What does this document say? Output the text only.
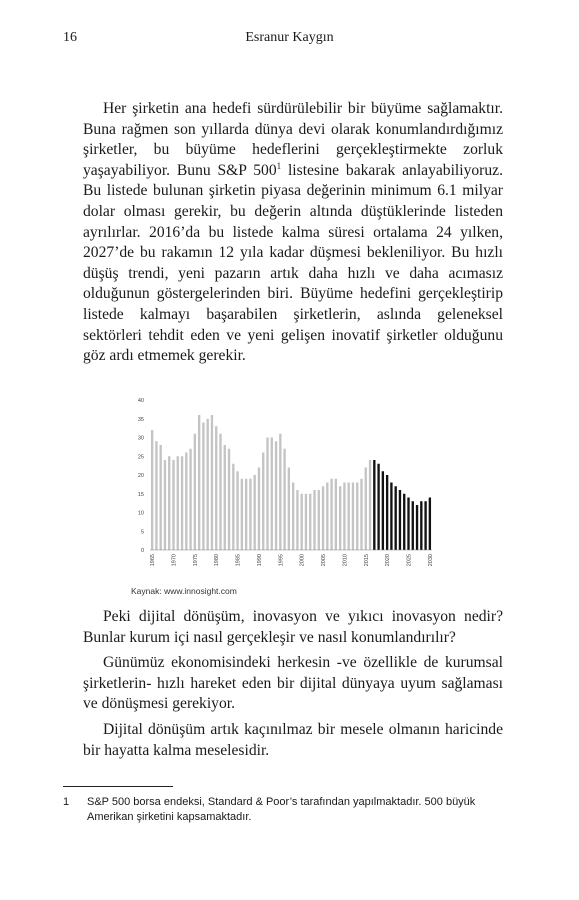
16	Esranur Kaygın

Her şirketin ana hedefi sürdürülebilir bir büyüme sağlamaktır. Buna rağmen son yıllarda dünya devi olarak konumlandırdığımız şirketler, bu büyüme hedeflerini gerçekleştirmekte zorluk yaşayabiliyor. Bunu S&P $500^1$ listesine bakarak anlayabiliyoruz. Bu listede bulunan şirketin piyasa değerinin minimum 6.1 milyar dolar olması gerekir, bu değerin altında düştüklerinde listeden ayrılırlar. 2016’da bu listede kalma süresi ortalama 24 yılken, 2027’de bu rakamın 12 yıla kadar düşmesi bekleniliyor. Bu hızlı düşüş trendi, yeni pazarın artık daha hızlı ve daha acımasız olduğunun göstergelerinden biri. Büyüme hedefini gerçekleştirip listede kalmayı başarabilen şirketlerin, aslında geleneksel sektörleri tehdit eden ve yeni gelişen inovatif şirketler olduğunu göz ardı etmemek gerekir.

0
5
10
15
20
25
30
35
40
1965	1970	1975	1980	1985	1990	1995	2000	2005	2010	2015	2020	2025	2030
Kaynak: www.innosight.com

Peki dijital dönüşüm, inovasyon ve yıkıcı inovasyon nedir? Bunlar kurum içi nasıl gerçekleşir ve nasıl konumlandırılır?

Günümüz ekonomisindeki herkesin -ve özellikle de kurumsal şirketlerin- hızlı hareket eden bir dijital dünyaya uyum sağlaması ve dönüşmesi gerekiyor.

Dijital dönüşüm artık kaçınılmaz bir mesele olmanın haricinde bir hayatta kalma meselesidir.

1 S&P 500 borsa endeksi, Standard & Poor’s tarafından yapılmaktadır. 500 büyük Amerikan şirketini kapsamaktadır.
